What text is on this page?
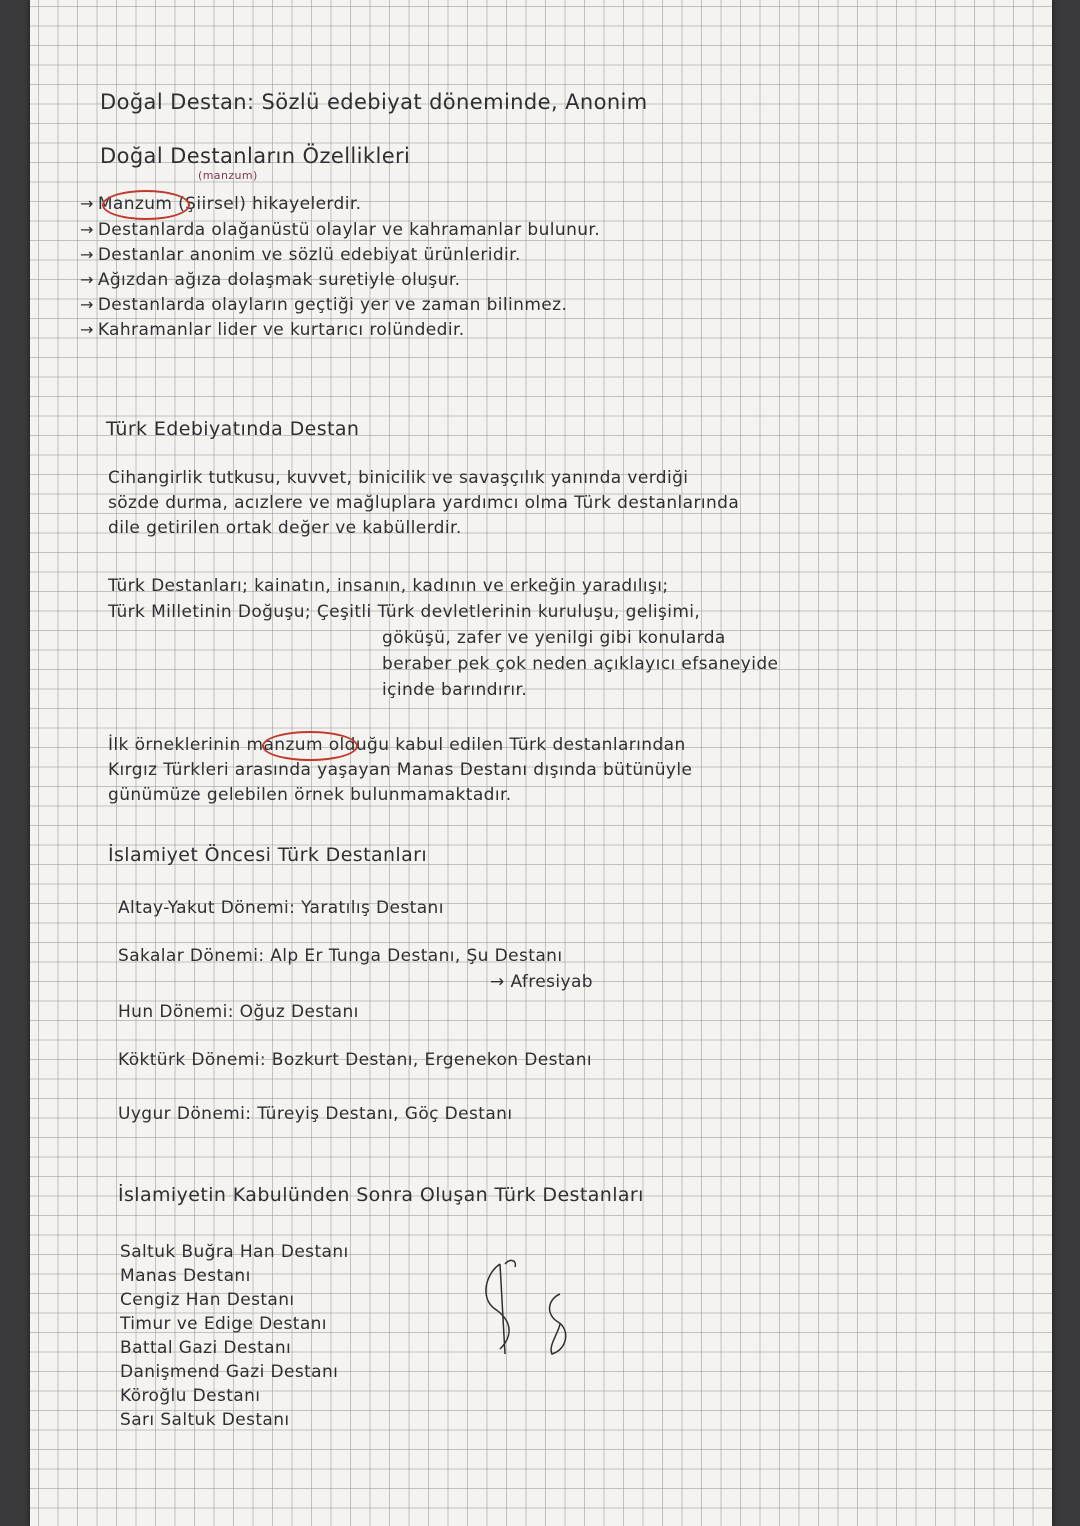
Doğal Destan: Sözlü edebiyat döneminde, Anonim
Doğal Destanların Özellikleri
(manzum)
→ Manzum (Şiirsel) hikayelerdir.
→ Destanlarda olağanüstü olaylar ve kahramanlar bulunur.
→ Destanlar anonim ve sözlü edebiyat ürünleridir.
→ Ağızdan ağıza dolaşmak suretiyle oluşur.
→ Destanlarda olayların geçtiği yer ve zaman bilinmez.
→ Kahramanlar lider ve kurtarıcı rolündedir.
Türk Edebiyatında Destan
Cihangirlik tutkusu, kuvvet, binicilik ve savaşçılık yanında verdiği
sözde durma, acızlere ve mağluplara yardımcı olma Türk destanlarında
dile getirilen ortak değer ve kabüllerdir.
Türk Destanları; kainatın, insanın, kadının ve erkeğin yaradılışı;
Türk Milletinin Doğuşu; Çeşitli Türk devletlerinin kuruluşu, gelişimi,
göküşü, zafer ve yenilgi gibi konularda
beraber pek çok neden açıklayıcı efsaneyide
içinde barındırır.
İlk örneklerinin manzum olduğu kabul edilen Türk destanlarından
Kırgız Türkleri arasında yaşayan Manas Destanı dışında bütünüyle
günümüze gelebilen örnek bulunmamaktadır.
İslamiyet Öncesi Türk Destanları
Altay-Yakut Dönemi: Yaratılış Destanı
Sakalar Dönemi: Alp Er Tunga Destanı, Şu Destanı
→ Afresiyab
Hun Dönemi: Oğuz Destanı
Köktürk Dönemi: Bozkurt Destanı, Ergenekon Destanı
Uygur Dönemi: Türeyiş Destanı, Göç Destanı
İslamiyetin Kabulünden Sonra Oluşan Türk Destanları
Saltuk Buğra Han Destanı
Manas Destanı
Cengiz Han Destanı
Timur ve Edige Destanı
Battal Gazi Destanı
Danişmend Gazi Destanı
Köroğlu Destanı
Sarı Saltuk Destanı
